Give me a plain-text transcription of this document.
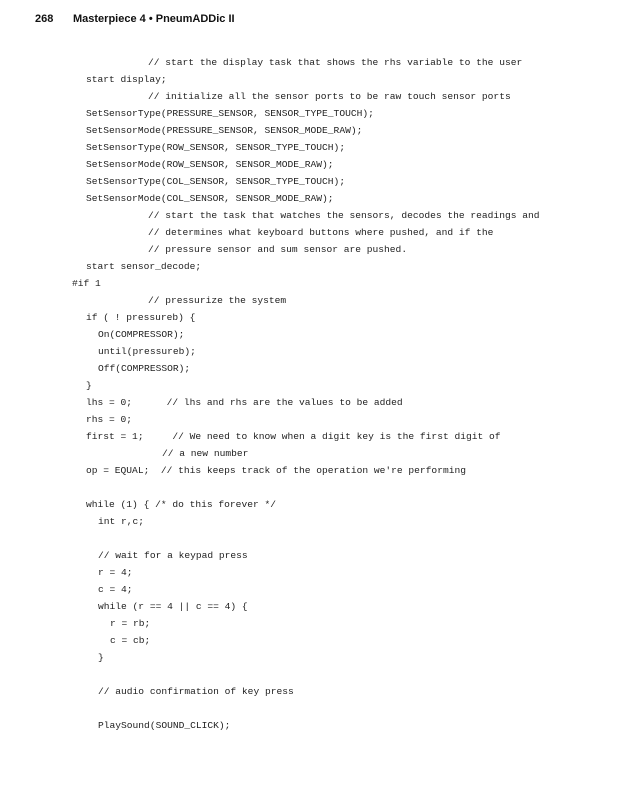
268 Masterpiece 4 • PneumADDic II
// start the display task that shows the rhs variable to the user
start display;
// initialize all the sensor ports to be raw touch sensor ports
SetSensorType(PRESSURE_SENSOR, SENSOR_TYPE_TOUCH);
SetSensorMode(PRESSURE_SENSOR, SENSOR_MODE_RAW);
SetSensorType(ROW_SENSOR, SENSOR_TYPE_TOUCH);
SetSensorMode(ROW_SENSOR, SENSOR_MODE_RAW);
SetSensorType(COL_SENSOR, SENSOR_TYPE_TOUCH);
SetSensorMode(COL_SENSOR, SENSOR_MODE_RAW);
// start the task that watches the sensors, decodes the readings and
// determines what keyboard buttons where pushed, and if the
// pressure sensor and sum sensor are pushed.
start sensor_decode;
#if 1
// pressurize the system
if ( ! pressureb) {
On(COMPRESSOR);
until(pressureb);
Off(COMPRESSOR);
}
lhs = 0;      // lhs and rhs are the values to be added
rhs = 0;
first = 1;     // We need to know when a digit key is the first digit of
// a new number
op = EQUAL;  // this keeps track of the operation we're performing
while (1) { /* do this forever */
int r,c;
// wait for a keypad press
r = 4;
c = 4;
while (r == 4 || c == 4) {
r = rb;
c = cb;
}
// audio confirmation of key press
PlaySound(SOUND_CLICK);
